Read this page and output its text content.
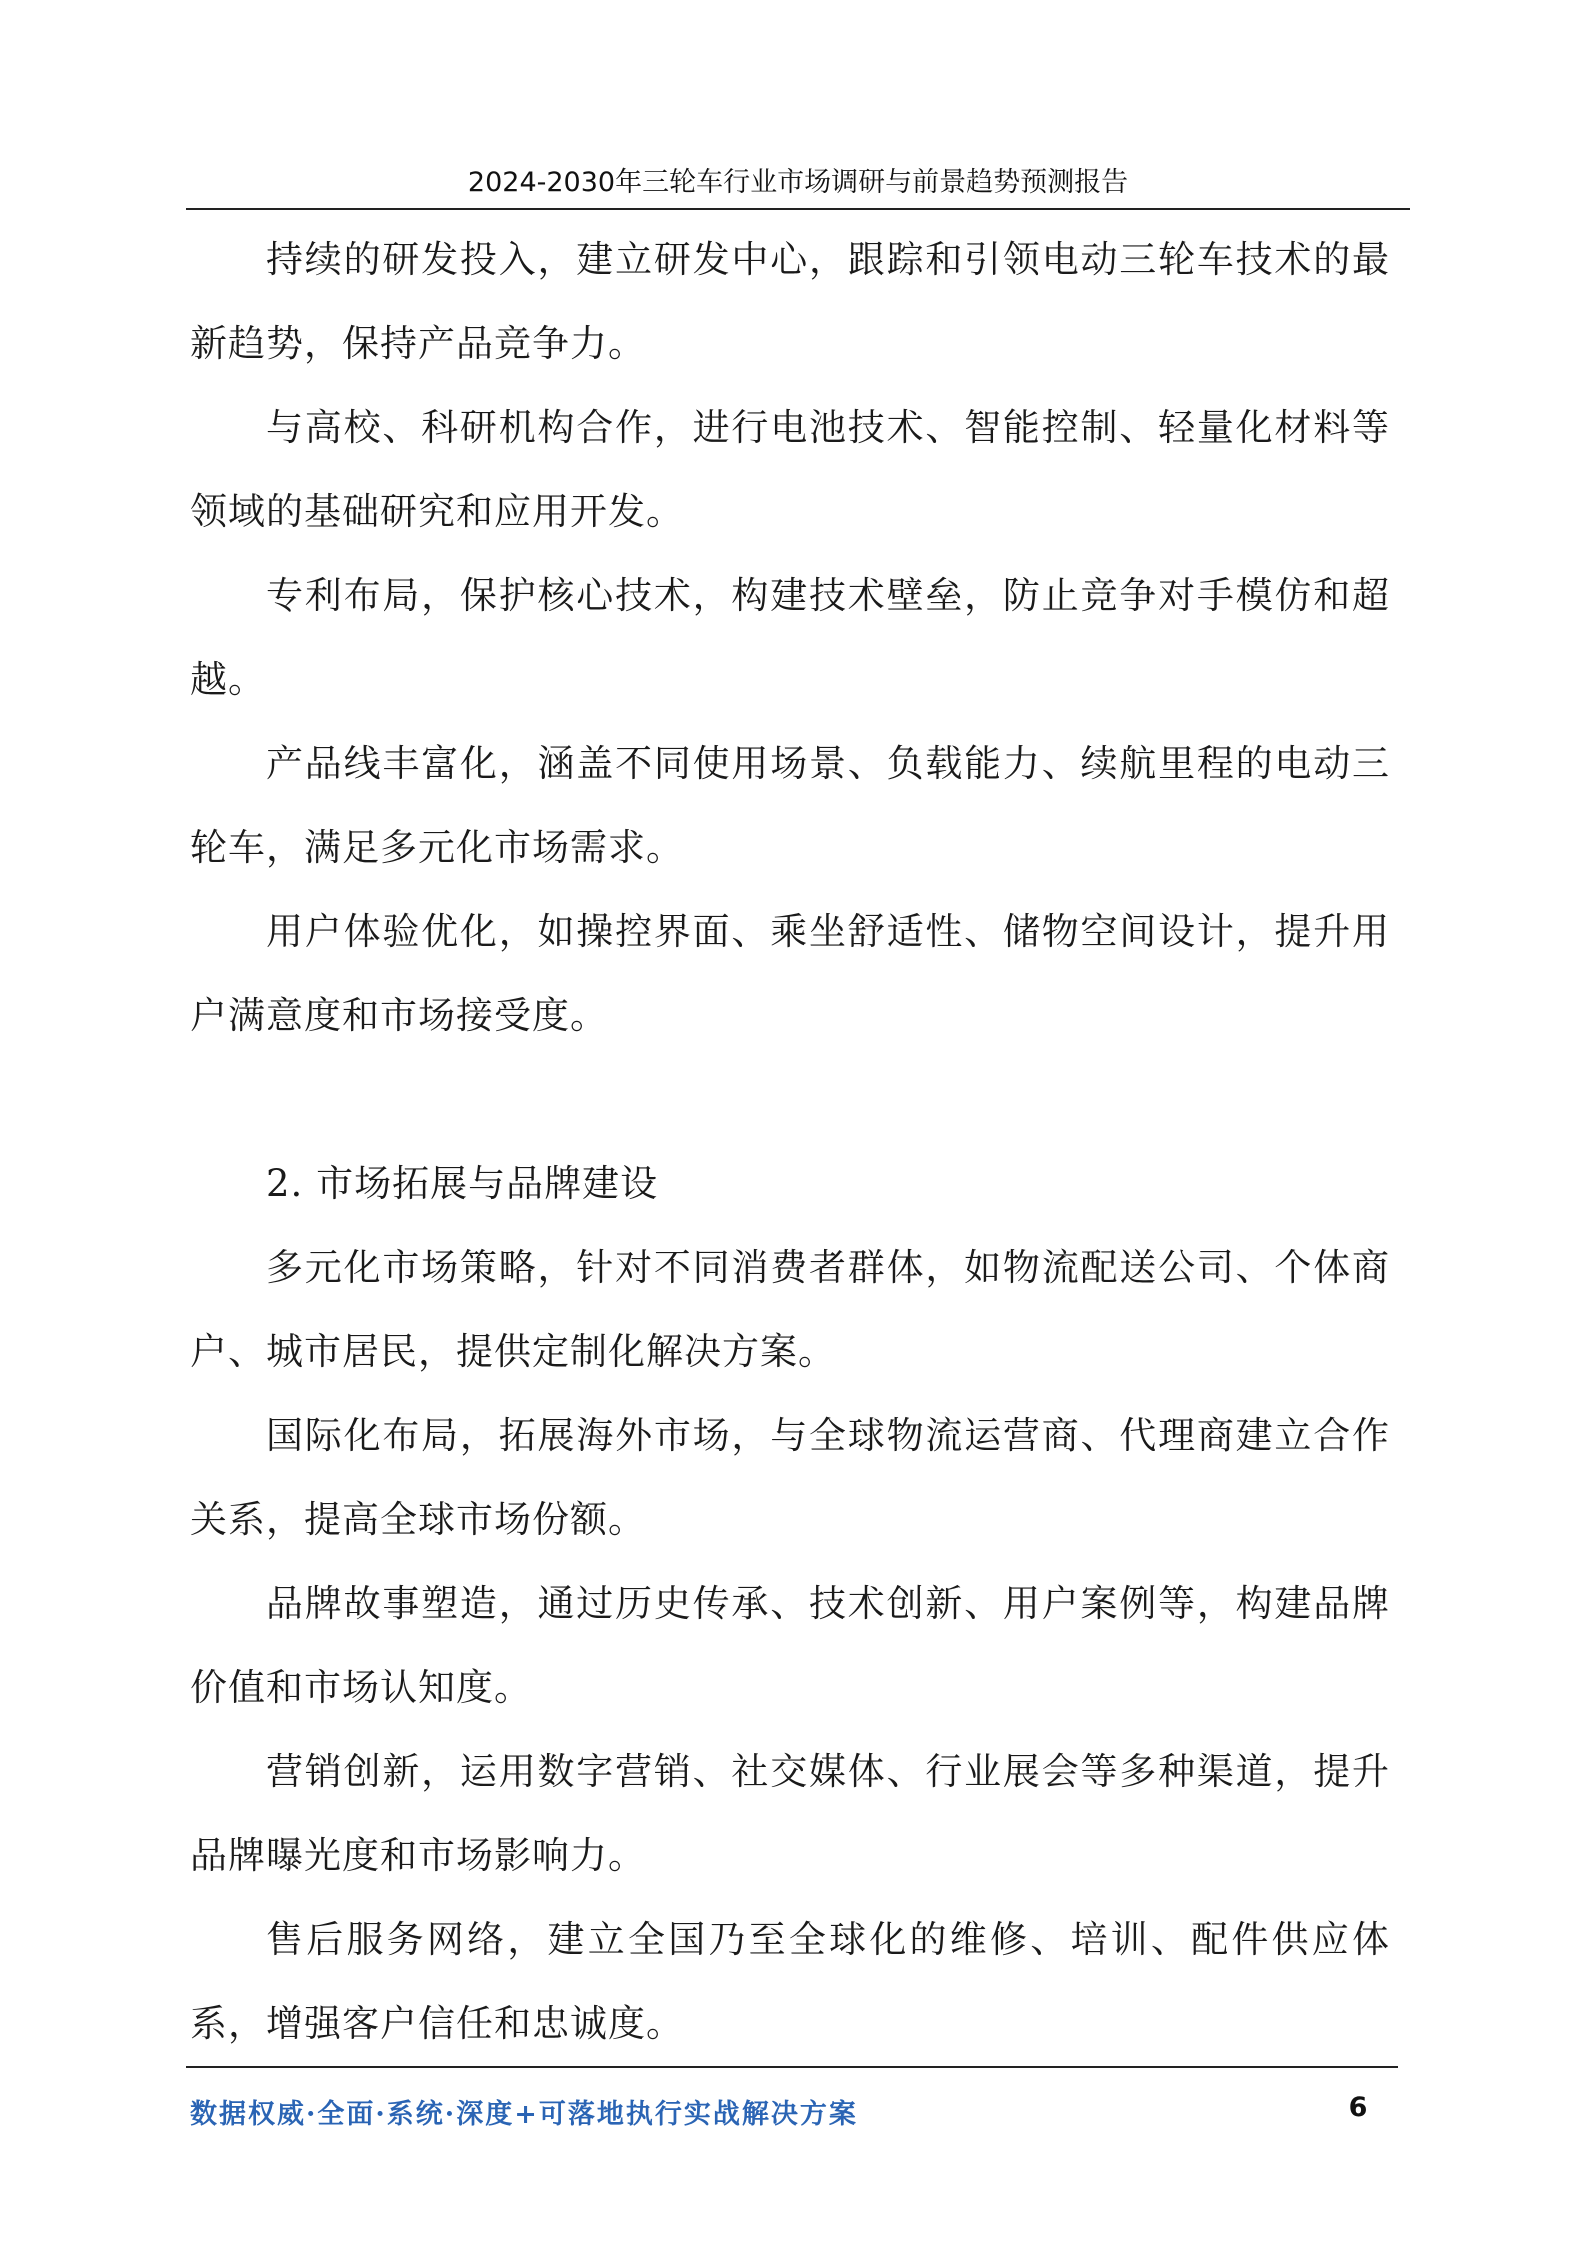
2024-2030年三轮车行业市场调研与前景趋势预测报告

持续的研发投入，建立研发中心，跟踪和引领电动三轮车技术的最新趋势，保持产品竞争力。

与高校、科研机构合作，进行电池技术、智能控制、轻量化材料等领域的基础研究和应用开发。

专利布局，保护核心技术，构建技术壁垒，防止竞争对手模仿和超越。

产品线丰富化，涵盖不同使用场景、负载能力、续航里程的电动三轮车，满足多元化市场需求。

用户体验优化，如操控界面、乘坐舒适性、储物空间设计，提升用户满意度和市场接受度。

2. 市场拓展与品牌建设

多元化市场策略，针对不同消费者群体，如物流配送公司、个体商户、城市居民，提供定制化解决方案。

国际化布局，拓展海外市场，与全球物流运营商、代理商建立合作关系，提高全球市场份额。

品牌故事塑造，通过历史传承、技术创新、用户案例等，构建品牌价值和市场认知度。

营销创新，运用数字营销、社交媒体、行业展会等多种渠道，提升品牌曝光度和市场影响力。

售后服务网络，建立全国乃至全球化的维修、培训、配件供应体系，增强客户信任和忠诚度。

数据权威·全面·系统·深度+可落地执行实战解决方案	6
